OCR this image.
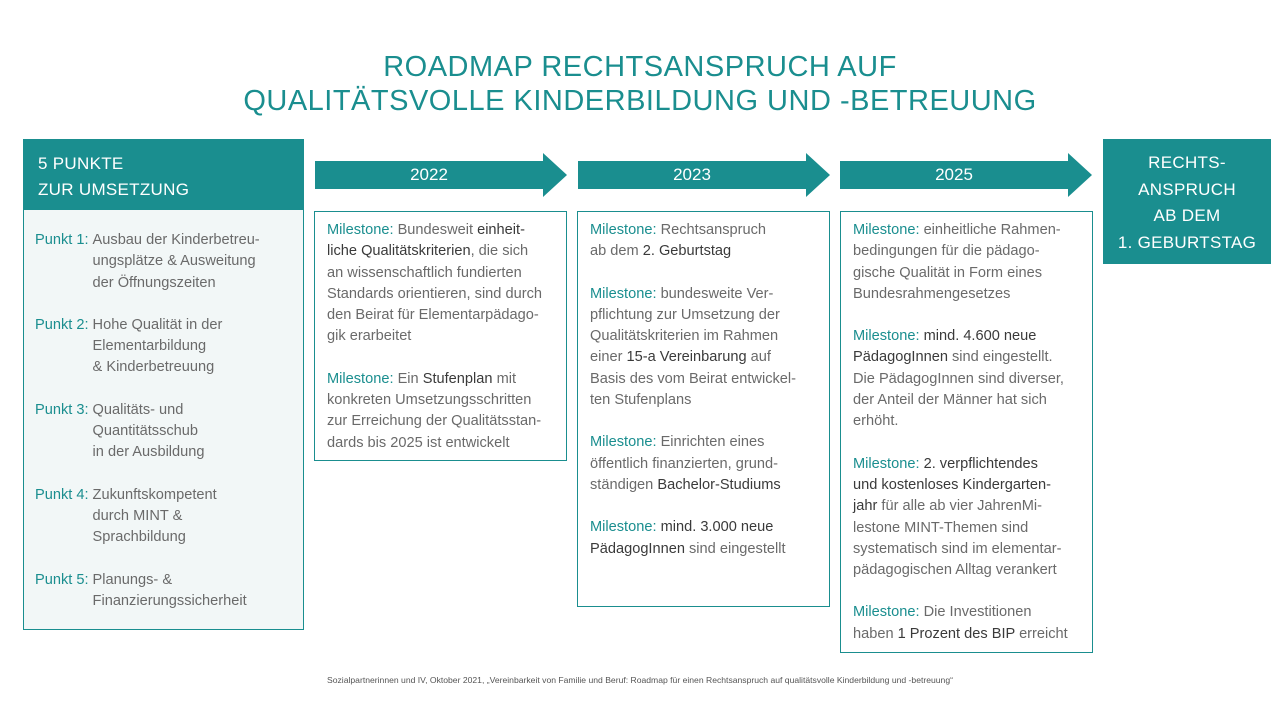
ROADMAP RECHTSANSPRUCH AUF
QUALITÄTSVOLLE KINDERBILDUNG UND -BETREUUNG
5 PUNKTE
ZUR UMSETZUNG
Punkt 1: Ausbau der Kinderbetreu-
ungsplätze & Ausweitung
der Öffnungszeiten
Punkt 2: Hohe Qualität in der
Elementarbildung
& Kinderbetreuung
Punkt 3: Qualitäts- und
Quantitätsschub
in der Ausbildung
Punkt 4: Zukunftskompetent
durch MINT &
Sprachbildung
Punkt 5: Planungs- &
Finanzierungssicherheit
2022	2023	2025
Milestone: Bundesweit einheit-
liche Qualitätskriterien, die sich
an wissenschaftlich fundierten
Standards orientieren, sind durch
den Beirat für Elementarpädago-
gik erarbeitet
Milestone: Ein Stufenplan mit
konkreten Umsetzungsschritten
zur Erreichung der Qualitätsstan-
dards bis 2025 ist entwickelt
Milestone: Rechtsanspruch
ab dem 2. Geburtstag
Milestone: bundesweite Ver-
pflichtung zur Umsetzung der
Qualitätskriterien im Rahmen
einer 15-a Vereinbarung auf
Basis des vom Beirat entwickel-
ten Stufenplans
Milestone: Einrichten eines
öffentlich finanzierten, grund-
ständigen Bachelor-Studiums
Milestone: mind. 3.000 neue
PädagogInnen sind eingestellt
Milestone: einheitliche Rahmen-
bedingungen für die pädago-
gische Qualität in Form eines
Bundesrahmengesetzes
Milestone: mind. 4.600 neue
PädagogInnen sind eingestellt.
Die PädagogInnen sind diverser,
der Anteil der Männer hat sich
erhöht.
Milestone: 2. verpflichtendes
und kostenloses Kindergarten-
jahr für alle ab vier JahrenMi-
lestone MINT-Themen sind
systematisch sind im elementar-
pädagogischen Alltag verankert
Milestone: Die Investitionen
haben 1 Prozent des BIP erreicht
RECHTS-
ANSPRUCH
AB DEM
1. GEBURTSTAG
Sozialpartnerinnen und IV, Oktober 2021, „Vereinbarkeit von Familie und Beruf: Roadmap für einen Rechtsanspruch auf qualitätsvolle Kinderbildung und -betreuung“
